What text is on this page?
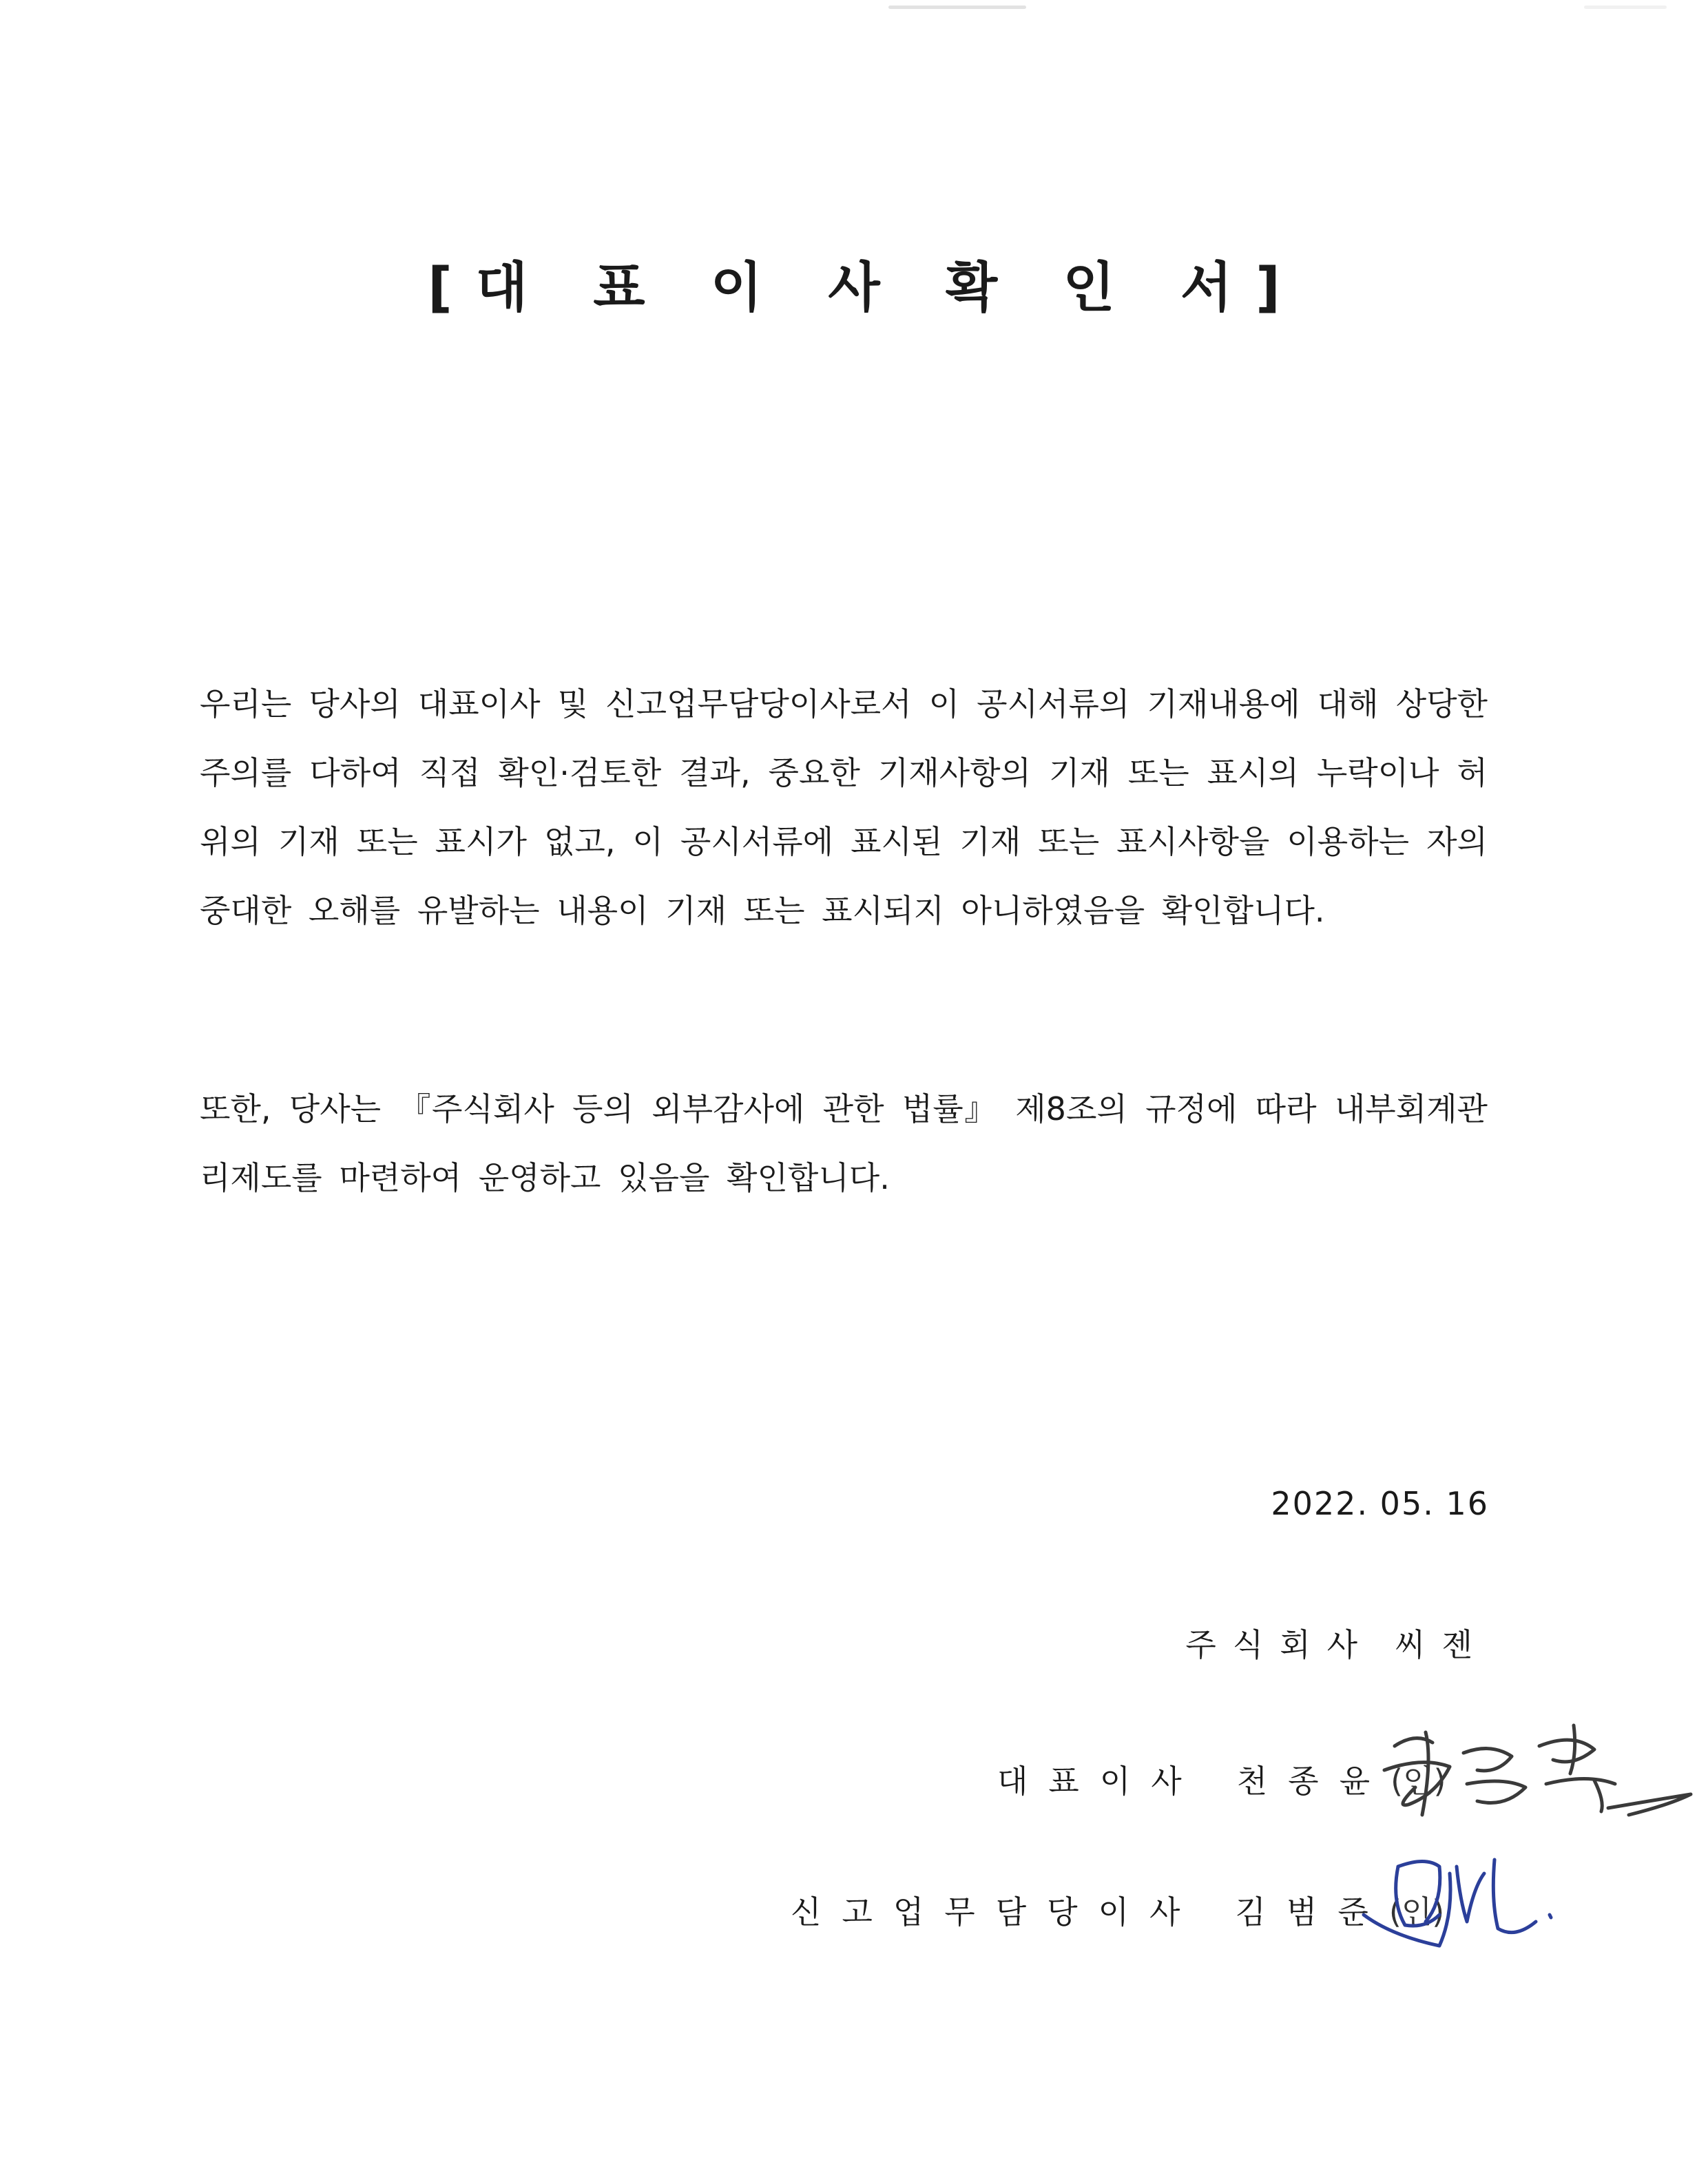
[대 표 이 사 확 인 서]

우리는 당사의 대표이사 및 신고업무담당이사로서 이 공시서류의 기재내용에 대해 상당한 주의를 다하여 직접 확인·검토한 결과, 중요한 기재사항의 기재 또는 표시의 누락이나 허위의 기재 또는 표시가 없고, 이 공시서류에 표시된 기재 또는 표시사항을 이용하는 자의 중대한 오해를 유발하는 내용이 기재 또는 표시되지 아니하였음을 확인합니다.

또한, 당사는 『주식회사 등의 외부감사에 관한 법률』 제8조의 규정에 따라 내부회계관리제도를 마련하여 운영하고 있음을 확인합니다.

2022. 05. 16
주식회사 씨젠
대표이사 천종윤(인)
신고업무담당이사 김범준(인)
